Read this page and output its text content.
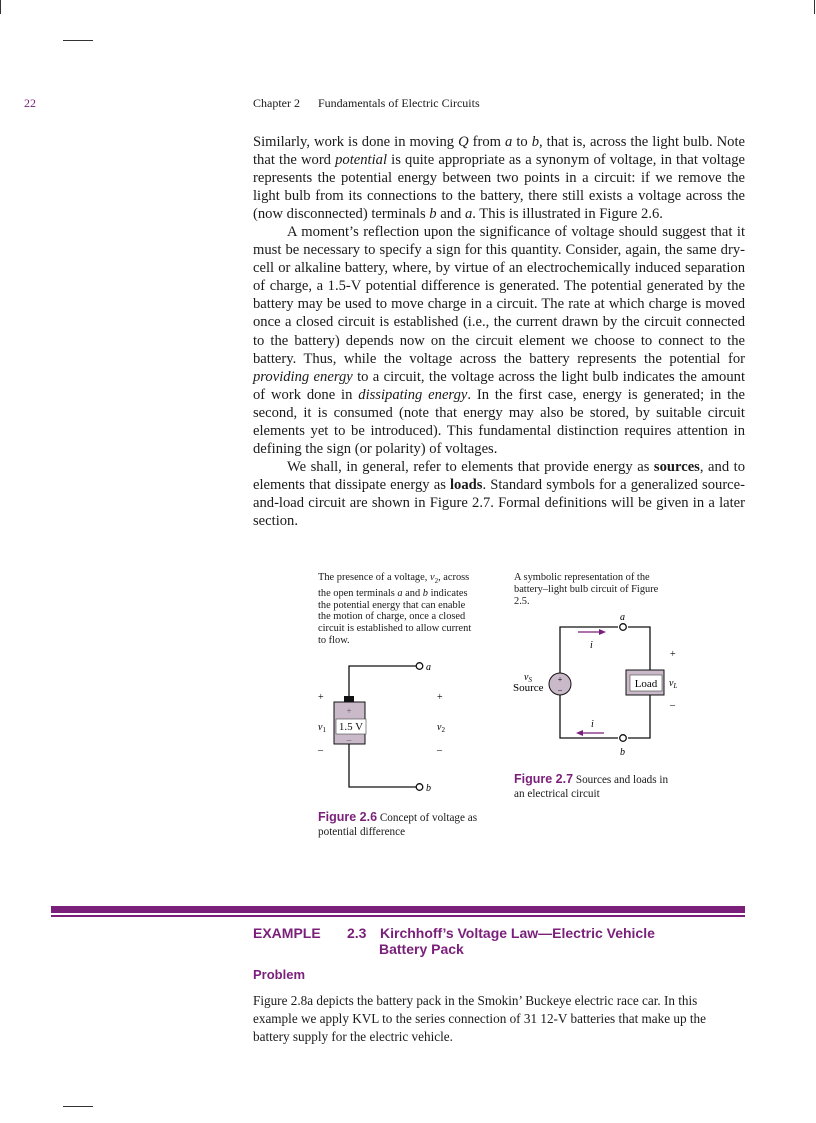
22	Chapter 2 Fundamentals of Electric Circuits

Similarly, work is done in moving Q from a to b, that is, across the light bulb. Note that the word potential is quite appropriate as a synonym of voltage, in that voltage represents the potential energy between two points in a circuit: if we remove the light bulb from its connections to the battery, there still exists a voltage across the (now disconnected) terminals b and a. This is illustrated in Figure 2.6.

A moment’s reflection upon the significance of voltage should suggest that it must be necessary to specify a sign for this quantity. Consider, again, the same dry-cell or alkaline battery, where, by virtue of an electrochemically induced separation of charge, a 1.5-V potential difference is generated. The potential generated by the battery may be used to move charge in a circuit. The rate at which charge is moved once a closed circuit is established (i.e., the current drawn by the circuit connected to the battery) depends now on the circuit element we choose to connect to the battery. Thus, while the voltage across the battery represents the potential for providing energy to a circuit, the voltage across the light bulb indicates the amount of work done in dissipating energy. In the first case, energy is generated; in the second, it is consumed (note that energy may also be stored, by suitable circuit elements yet to be introduced). This fundamental distinction requires attention in defining the sign (or polarity) of voltages.

We shall, in general, refer to elements that provide energy as sources, and to elements that dissipate energy as loads. Standard symbols for a generalized source-and-load circuit are shown in Figure 2.7. Formal definitions will be given in a later section.

The presence of a voltage, $v_2$, across the open terminals a and b indicates the potential energy that can enable the motion of charge, once a closed circuit is established to allow current to flow.
+
1.5 V
–
a
b
+
$v_1$
–
+
$v_2$
–
Figure 2.6 Concept of voltage as potential difference
A symbolic representation of the battery–light bulb circuit of Figure 2.5.
+
–	Load
i
i
a
b
$v_S$
Source
+
$v_L$
–
Figure 2.7 Sources and loads in an electrical circuit
EXAMPLE	2.3 Kirchhoff’s Voltage Law—Electric Vehicle
Battery Pack
Problem
Figure 2.8a depicts the battery pack in the Smokin’ Buckeye electric race car. In this example we apply KVL to the series connection of 31 12-V batteries that make up the battery supply for the electric vehicle.
